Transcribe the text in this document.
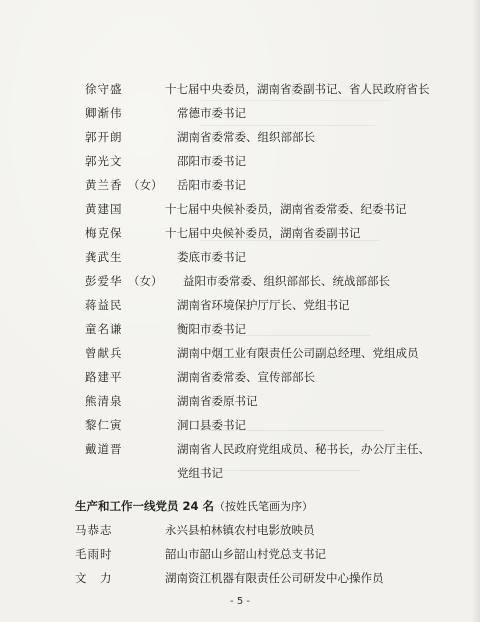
徐守盛	十七届中央委员，湖南省委副书记、省人民政府省长
卿渐伟	常德市委书记
郭开朗	湖南省委常委、组织部部长
郭光文	邵阳市委书记
黄兰香 （女） 岳阳市委书记
黄建国	十七届中央候补委员，湖南省委常委、纪委书记
梅克保	十七届中央候补委员，湖南省委副书记
龚武生	娄底市委书记
彭爱华 （女） 益阳市委常委、组织部部长、统战部部长
蒋益民	湖南省环境保护厅厅长、党组书记
童名谦	衡阳市委书记
曾献兵	湖南中烟工业有限责任公司副总经理、党组成员
路建平	湖南省委常委、宣传部部长
熊清泉	湖南省委原书记
黎仁寅	洞口县委书记
戴道晋	湖南省人民政府党组成员、秘书长，办公厅主任、
党组书记
生产和工作一线党员 24 名（按姓氏笔画为序）
马恭志	永兴县柏林镇农村电影放映员
毛雨时	韶山市韶山乡韶山村党总支书记
文　力	湖南资江机器有限责任公司研发中心操作员
- 5 -
